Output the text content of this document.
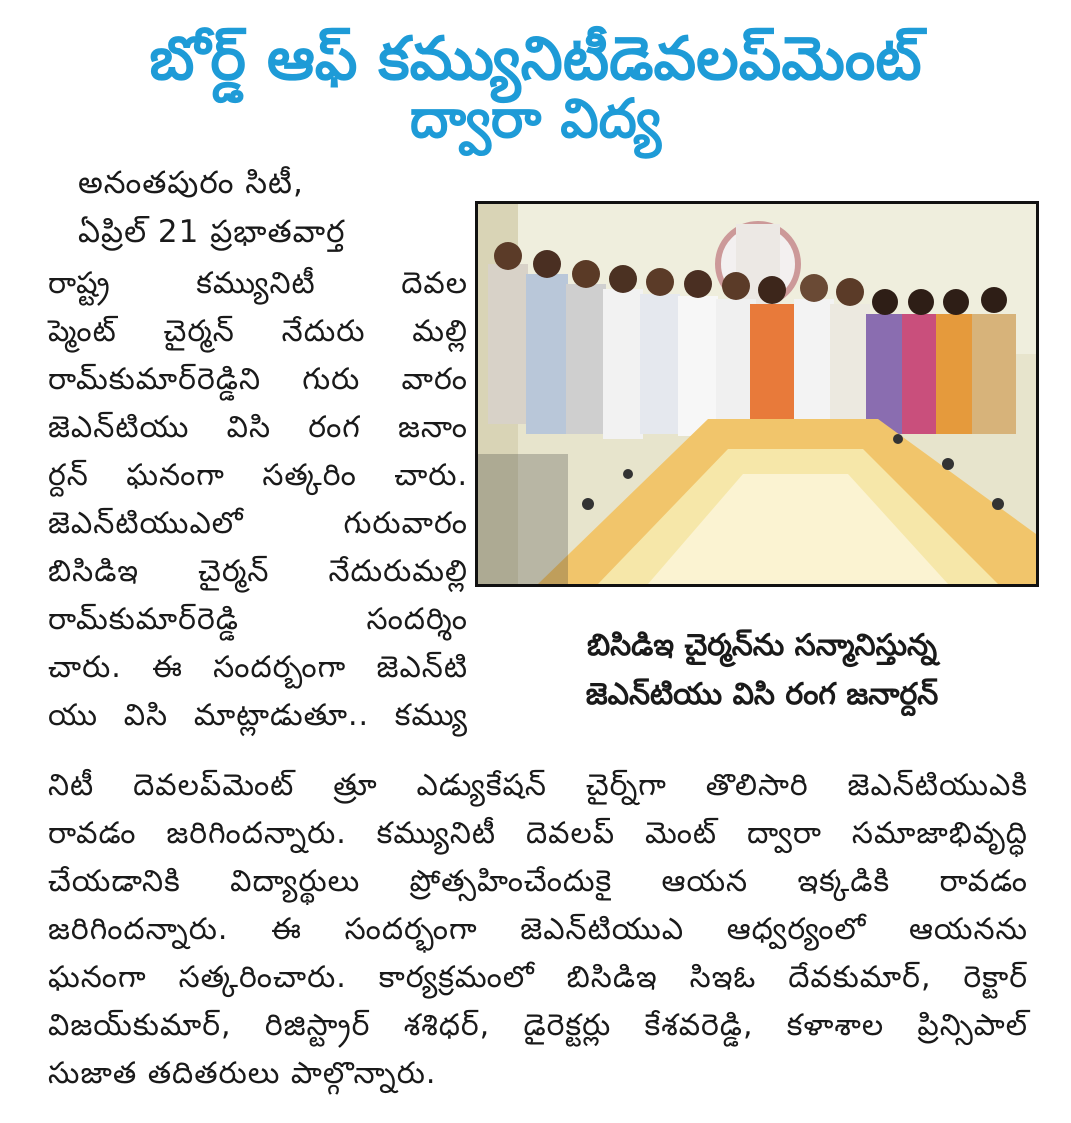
బోర్డ్ ఆఫ్ కమ్యునిటీడెవలప్‌మెంట్
ద్వారా విద్య
అనంతపురం సిటీ,
ఏప్రిల్ 21 ప్రభాతవార్త
రాష్ట్ర కమ్యునిటీ దెవల
ప్మెంట్ చైర్మన్ నేదురు మల్లి
రామ్‌కుమార్‌రెడ్డిని గురు వారం
జెఎన్‌టియు విసి రంగ జనాం
ర్దన్ ఘనంగా సత్కరిం చారు.
జెఎన్‌టియుఎలో గురువారం
బిసిడిఇ చైర్మన్ నేదురుమల్లి
రామ్‌కుమార్‌రెడ్డి సందర్శిం
చారు. ఈ సందర్బంగా జెఎన్‌టి
యు విసి మాట్లాడుతూ.. కమ్యు
బిసిడిఇ చైర్మన్‌ను సన్మానిస్తున్న
జెఎన్‌టియు విసి రంగ జనార్దన్
నిటీ దెవలప్‌మెంట్ త్రూ ఎడ్యుకేషన్ చైర్న్‌గా తొలిసారి జెఎన్‌టియుఎకి
రావడం జరిగిందన్నారు. కమ్యునిటీ దెవలప్ మెంట్ ద్వారా సమాజాభివృద్ధి
చేయడానికి విద్యార్థులు ప్రోత్సహించేందుకై ఆయన ఇక్కడికి రావడం
జరిగిందన్నారు. ఈ సందర్భంగా జెఎన్‌టియుఎ ఆధ్వర్యంలో ఆయనను
ఘనంగా సత్కరించారు. కార్యక్రమంలో బిసిడిఇ సిఇఓ దేవకుమార్, రెక్టార్
విజయ్‌కుమార్, రిజిస్ట్రార్ శశిధర్, డైరెక్టర్లు కేశవరెడ్డి, కళాశాల ప్రిన్సిపాల్
సుజాత తదితరులు పాల్గొన్నారు.
